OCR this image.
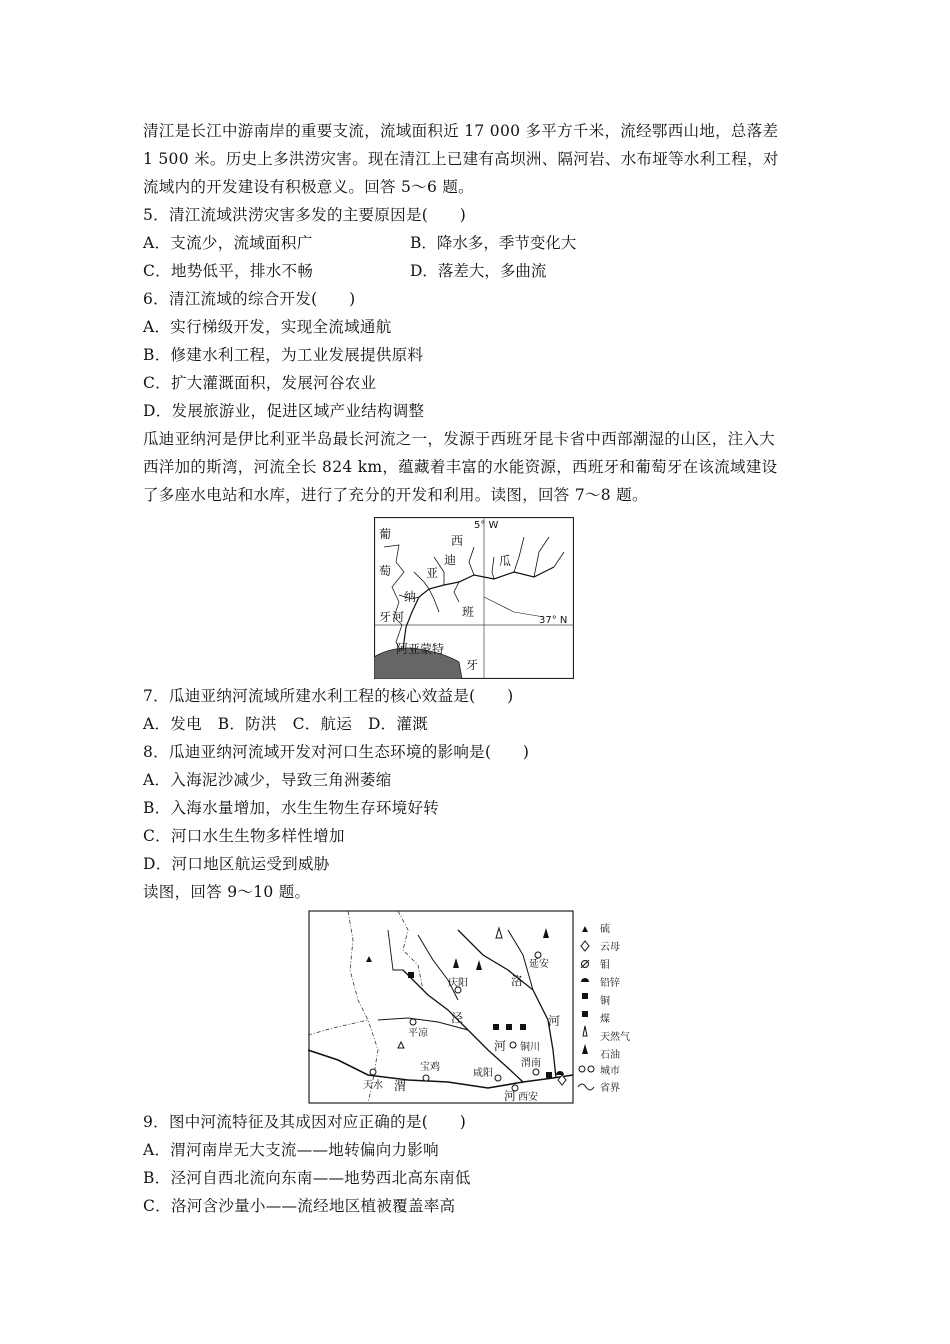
清江是长江中游南岸的重要支流，流域面积近 17 000 多平方千米，流经鄂西山地，总落差
1 500 米。历史上多洪涝灾害。现在清江上已建有高坝洲、隔河岩、水布垭等水利工程，对
流域内的开发建设有积极意义。回答 5～6 题。
5．清江流域洪涝灾害多发的主要原因是(　　)
A．支流少，流域面积广	B．降水多，季节变化大
C．地势低平，排水不畅	D．落差大，多曲流
6．清江流域的综合开发(　　)
A．实行梯级开发，实现全流域通航
B．修建水利工程，为工业发展提供原料
C．扩大灌溉面积，发展河谷农业
D．发展旅游业，促进区域产业结构调整
瓜迪亚纳河是伊比利亚半岛最长河流之一，发源于西班牙昆卡省中西部潮湿的山区，注入大
西洋加的斯湾，河流全长 824 km，蕴藏着丰富的水能资源，西班牙和葡萄牙在该流域建设
了多座水电站和水库，进行了充分的开发和利用。读图，回答 7～8 题。
5° W
37° N
葡
萄
牙
西
迪
亚
纳
河
瓜
班
牙
阿亚蒙特
7．瓜迪亚纳河流域所建水利工程的核心效益是(　　)
A．发电　B．防洪　C．航运　D．灌溉
8．瓜迪亚纳河流域开发对河口生态环境的影响是(　　)
A．入海泥沙减少，导致三角洲萎缩
B．入海水量增加，水生生物生存环境好转
C．河口水生生物多样性增加
D．河口地区航运受到威胁
读图，回答 9～10 题。
延安
庆阳
平凉
铜川
渭南
天水
宝鸡
咸阳
西安
洛
河
泾
河
渭
河
硫
云母
钼
铅锌
铜
煤
天然气
石油
城市
省界
9．图中河流特征及其成因对应正确的是(　　)
A．渭河南岸无大支流——地转偏向力影响
B．泾河自西北流向东南——地势西北高东南低
C．洛河含沙量小——流经地区植被覆盖率高
